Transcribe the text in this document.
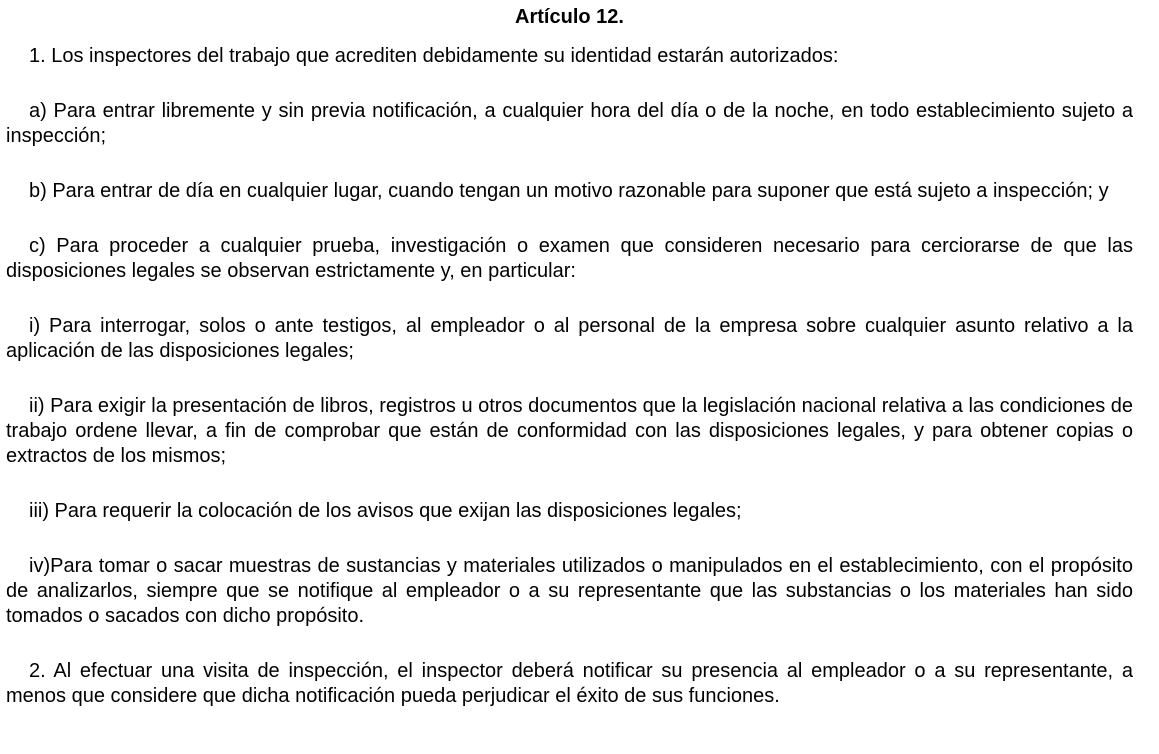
Artículo 12.

1. Los inspectores del trabajo que acrediten debidamente su identidad estarán autorizados:

a) Para entrar libremente y sin previa notificación, a cualquier hora del día o de la noche, en todo establecimiento sujeto a inspección;

b) Para entrar de día en cualquier lugar, cuando tengan un motivo razonable para suponer que está sujeto a inspección; y

c) Para proceder a cualquier prueba, investigación o examen que consideren necesario para cerciorarse de que las disposiciones legales se observan estrictamente y, en particular:

i) Para interrogar, solos o ante testigos, al empleador o al personal de la empresa sobre cualquier asunto relativo a la aplicación de las disposiciones legales;

ii) Para exigir la presentación de libros, registros u otros documentos que la legislación nacional relativa a las condiciones de trabajo ordene llevar, a fin de comprobar que están de conformidad con las disposiciones legales, y para obtener copias o extractos de los mismos;

iii) Para requerir la colocación de los avisos que exijan las disposiciones legales;

iv)Para tomar o sacar muestras de sustancias y materiales utilizados o manipulados en el establecimiento, con el propósito de analizarlos, siempre que se notifique al empleador o a su representante que las substancias o los materiales han sido tomados o sacados con dicho propósito.

2. Al efectuar una visita de inspección, el inspector deberá notificar su presencia al empleador o a su representante, a menos que considere que dicha notificación pueda perjudicar el éxito de sus funciones.
